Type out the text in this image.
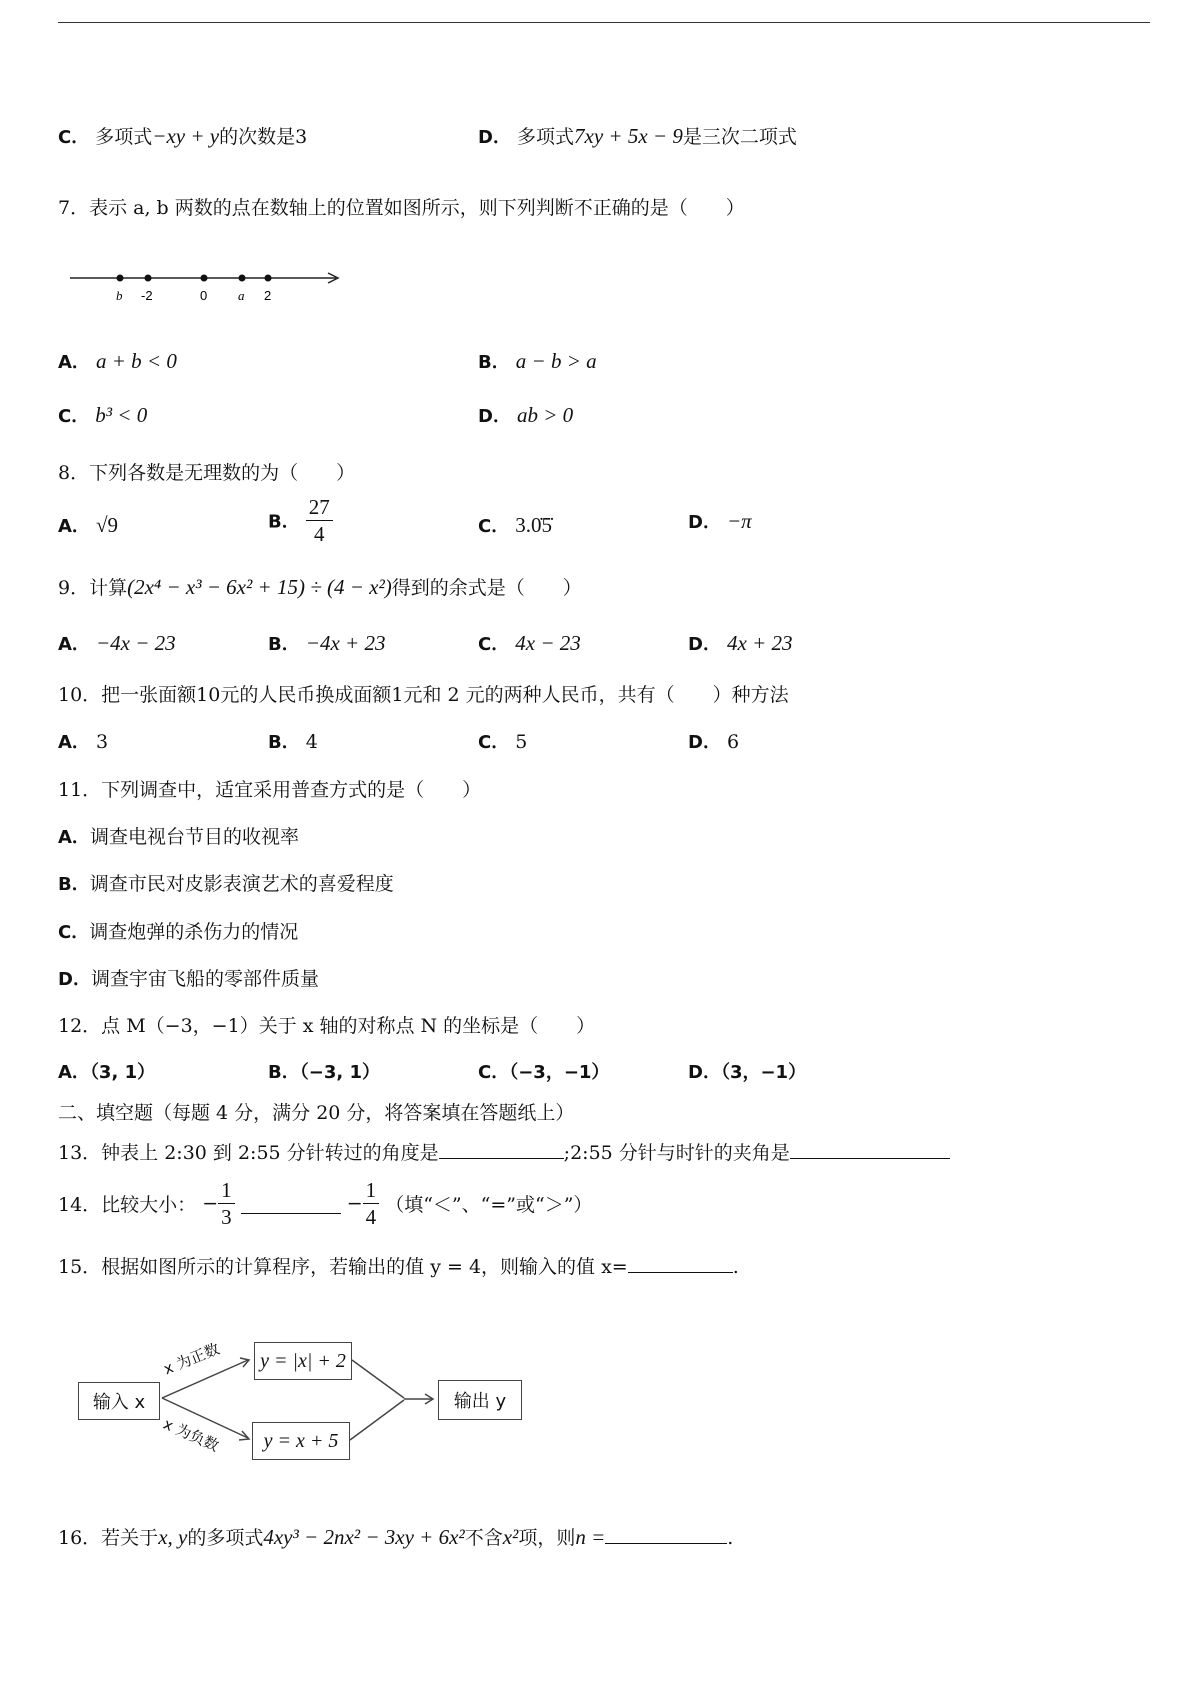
C． 多项式−xy + y的次数是3	D． 多项式7xy + 5x − 9是三次二项式
7．表示 a, b 两数的点在数轴上的位置如图所示，则下列判断不正确的是（　　）
b -2	0 a 2
A． a + b < 0	B． a − b > a
C． b³ < 0	D． ab > 0
8．下列各数是无理数的为（　　）
A． √9	B． $\frac{27}{4}$	C． 3.0̇5̇	D． −π
9．计算(2x⁴ − x³ − 6x² + 15) ÷ (4 − x²)得到的余式是（　　）
A． −4x − 23	B． −4x + 23	C． 4x − 23	D． 4x + 23
10．把一张面额10元的人民币换成面额1元和 2 元的两种人民币，共有（　　）种方法
A． 3	B． 4	C． 5	D． 6
11．下列调查中，适宜采用普查方式的是（　　）
A．调查电视台节目的收视率
B．调查市民对皮影表演艺术的喜爱程度
C．调查炮弹的杀伤力的情况
D．调查宇宙飞船的零部件质量
12．点 M（−3，−1）关于 x 轴的对称点 N 的坐标是（　　）
A．（3, 1）	B．（−3, 1）	C．（−3，−1）	D．（3，−1）
二、填空题（每题 4 分，满分 20 分，将答案填在答题纸上）
13．钟表上 2:30 到 2:55 分针转过的角度是	;2:55 分针与时针的夹角是
14．比较大小： − $\frac{1}{3}$	− $\frac{1}{4}$ （填“＜”、“=”或“＞”）
15．根据如图所示的计算程序，若输出的值 y = 4，则输入的值 x=	.
输入 x
x 为正数
x 为负数
y = |x| + 2
y = x + 5
输出 y
16．若关于x, y的多项式4xy³ − 2nx² − 3xy + 6x²不含x²项，则n =	.
